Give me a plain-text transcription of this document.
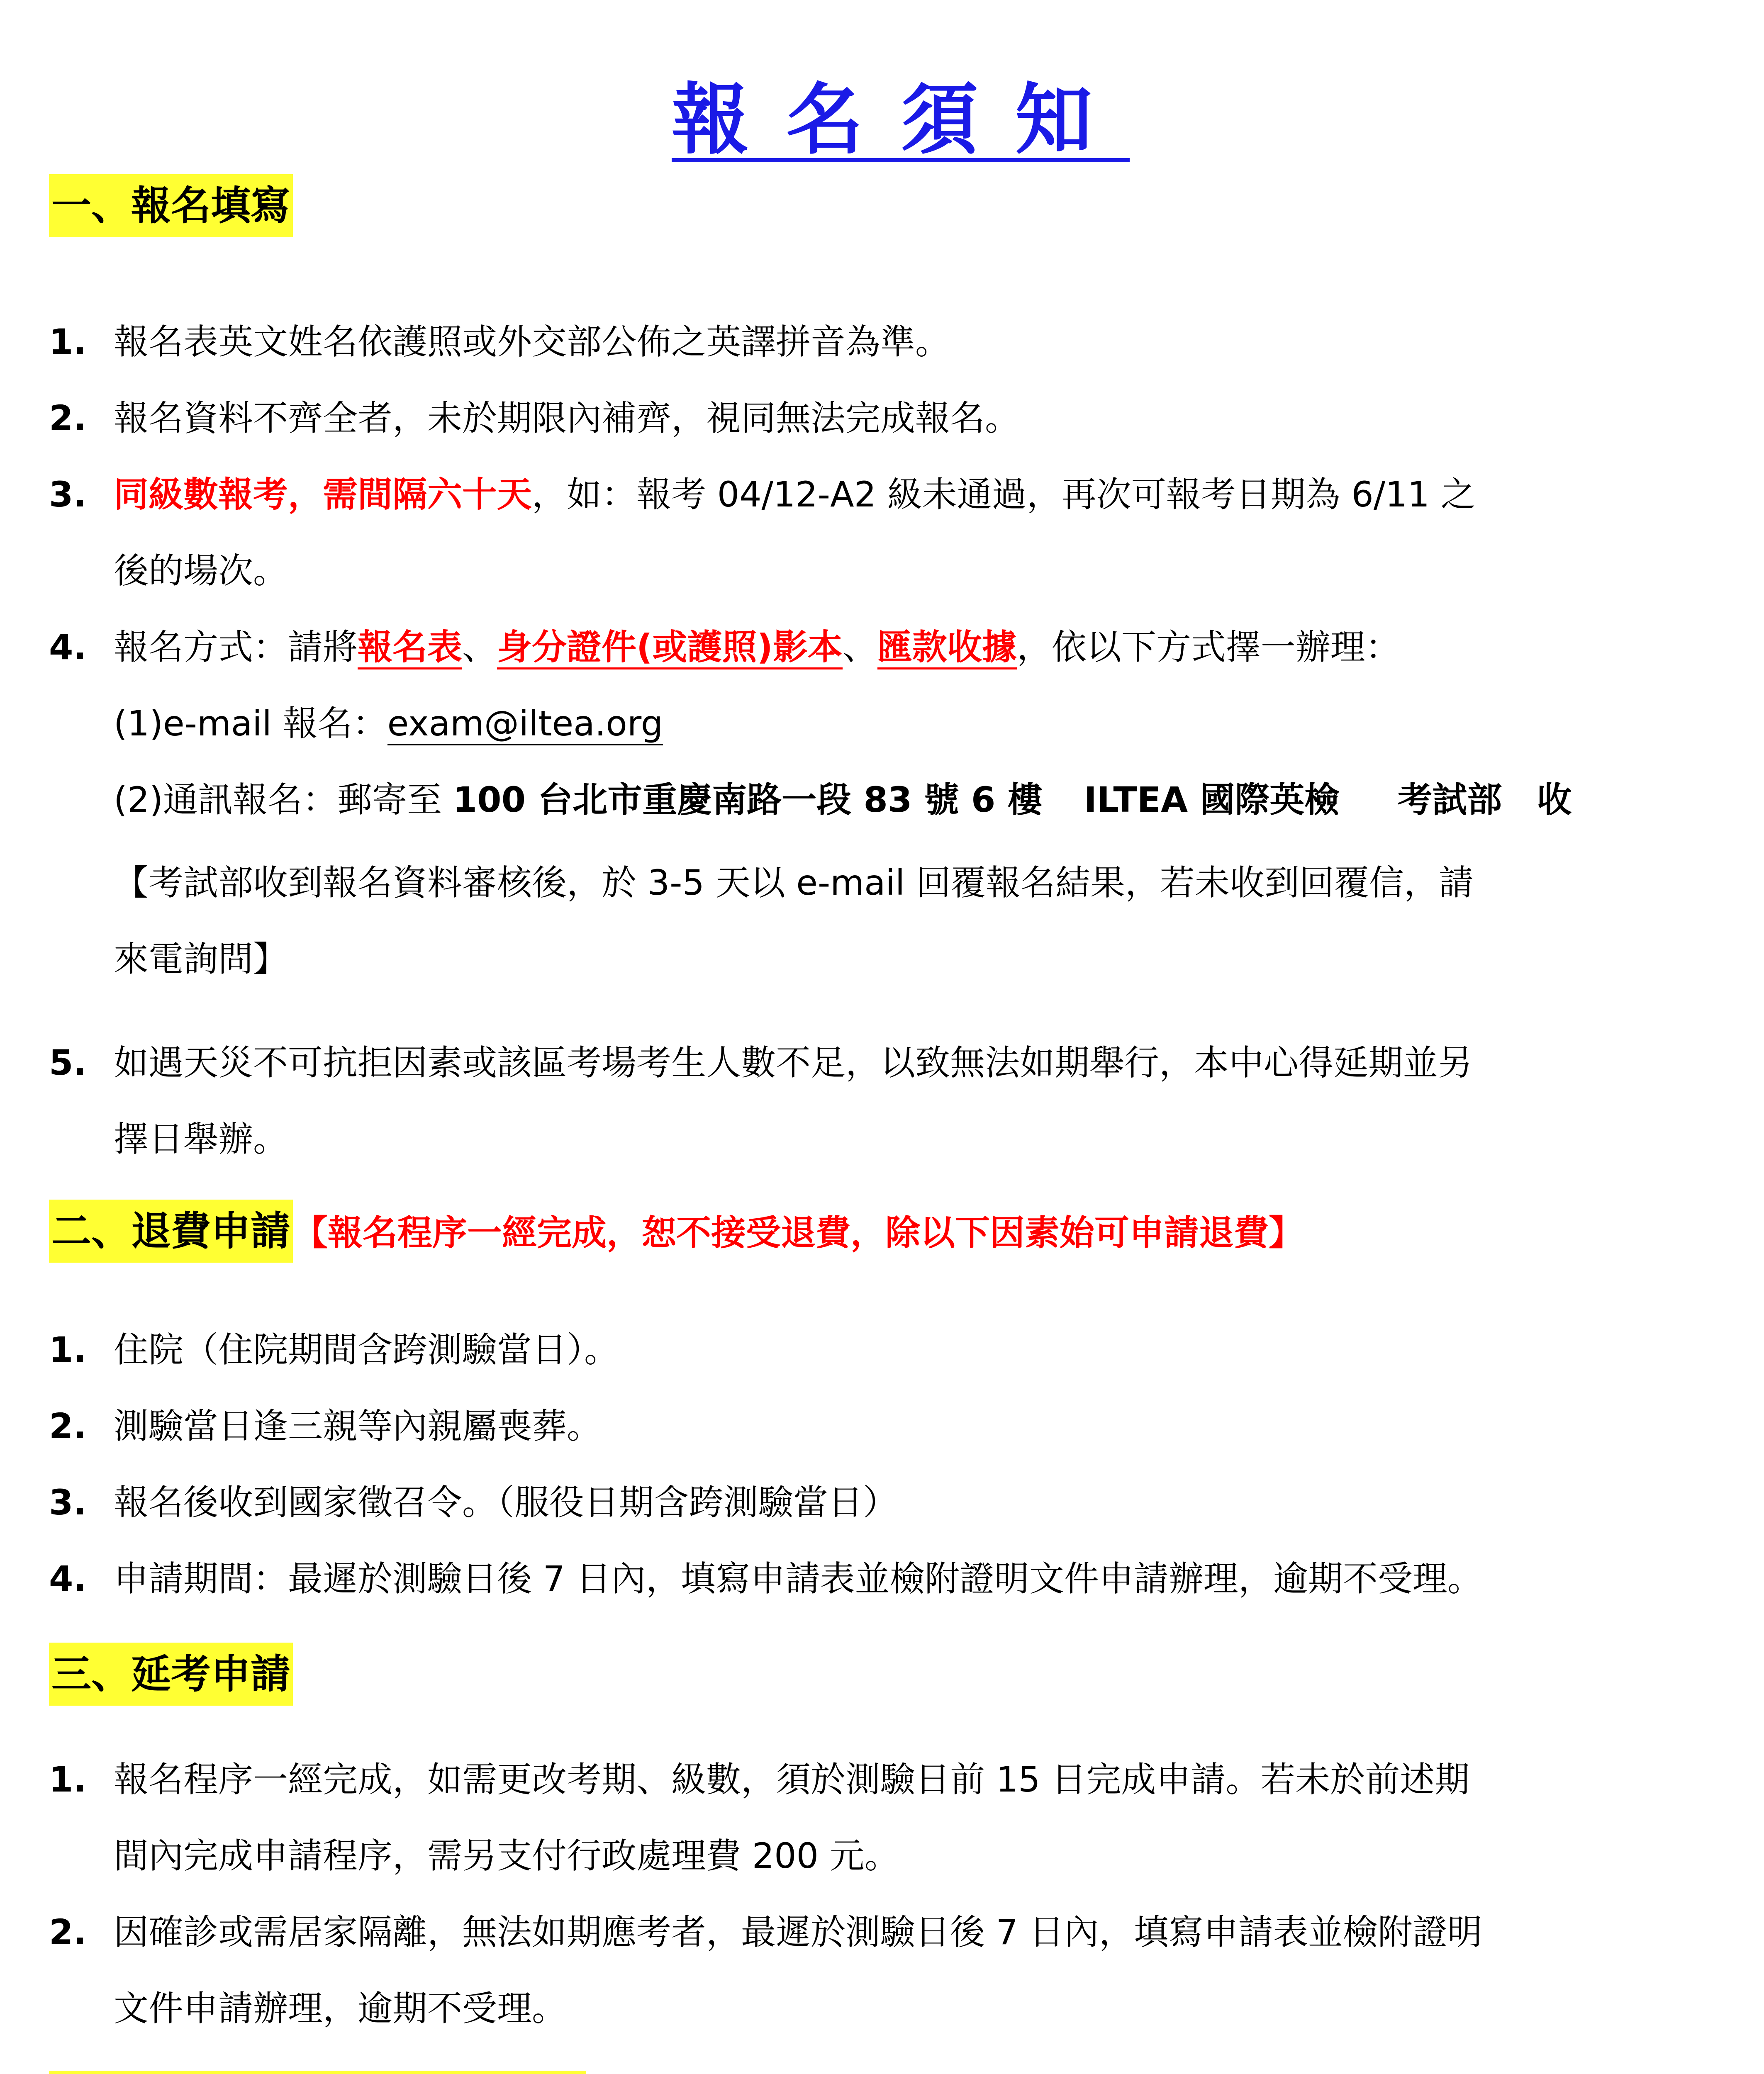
報名須知
一、報名填寫
1. 報名表英文姓名依護照或外交部公佈之英譯拼音為準。
2. 報名資料不齊全者，未於期限內補齊，視同無法完成報名。
3. 同級數報考，需間隔六十天，如：報考 04/12-A2 級未通過，再次可報考日期為 6/11 之
後的場次。
4. 報名方式：請將報名表、身分證件(或護照)影本、匯款收據，依以下方式擇一辦理：
(1)e-mail 報名：exam@iltea.org
(2)通訊報名：郵寄至 100 台北市重慶南路一段 83 號 6 樓 ILTEA 國際英檢 考試部　收
【考試部收到報名資料審核後，於 3-5 天以 e-mail 回覆報名結果，若未收到回覆信，請
來電詢問】
5. 如遇天災不可抗拒因素或該區考場考生人數不足，以致無法如期舉行，本中心得延期並另
擇日舉辦。
二、退費申請【報名程序一經完成，恕不接受退費，除以下因素始可申請退費】
1. 住院（住院期間含跨測驗當日）。
2. 測驗當日逢三親等內親屬喪葬。
3. 報名後收到國家徵召令。（服役日期含跨測驗當日）
4. 申請期間：最遲於測驗日後 7 日內，填寫申請表並檢附證明文件申請辦理，逾期不受理。
三、延考申請
1. 報名程序一經完成，如需更改考期、級數，須於測驗日前 15 日完成申請。若未於前述期
間內完成申請程序，需另支付行政處理費 200 元。
2. 因確診或需居家隔離，無法如期應考者，最遲於測驗日後 7 日內，填寫申請表並檢附證明
文件申請辦理，逾期不受理。
